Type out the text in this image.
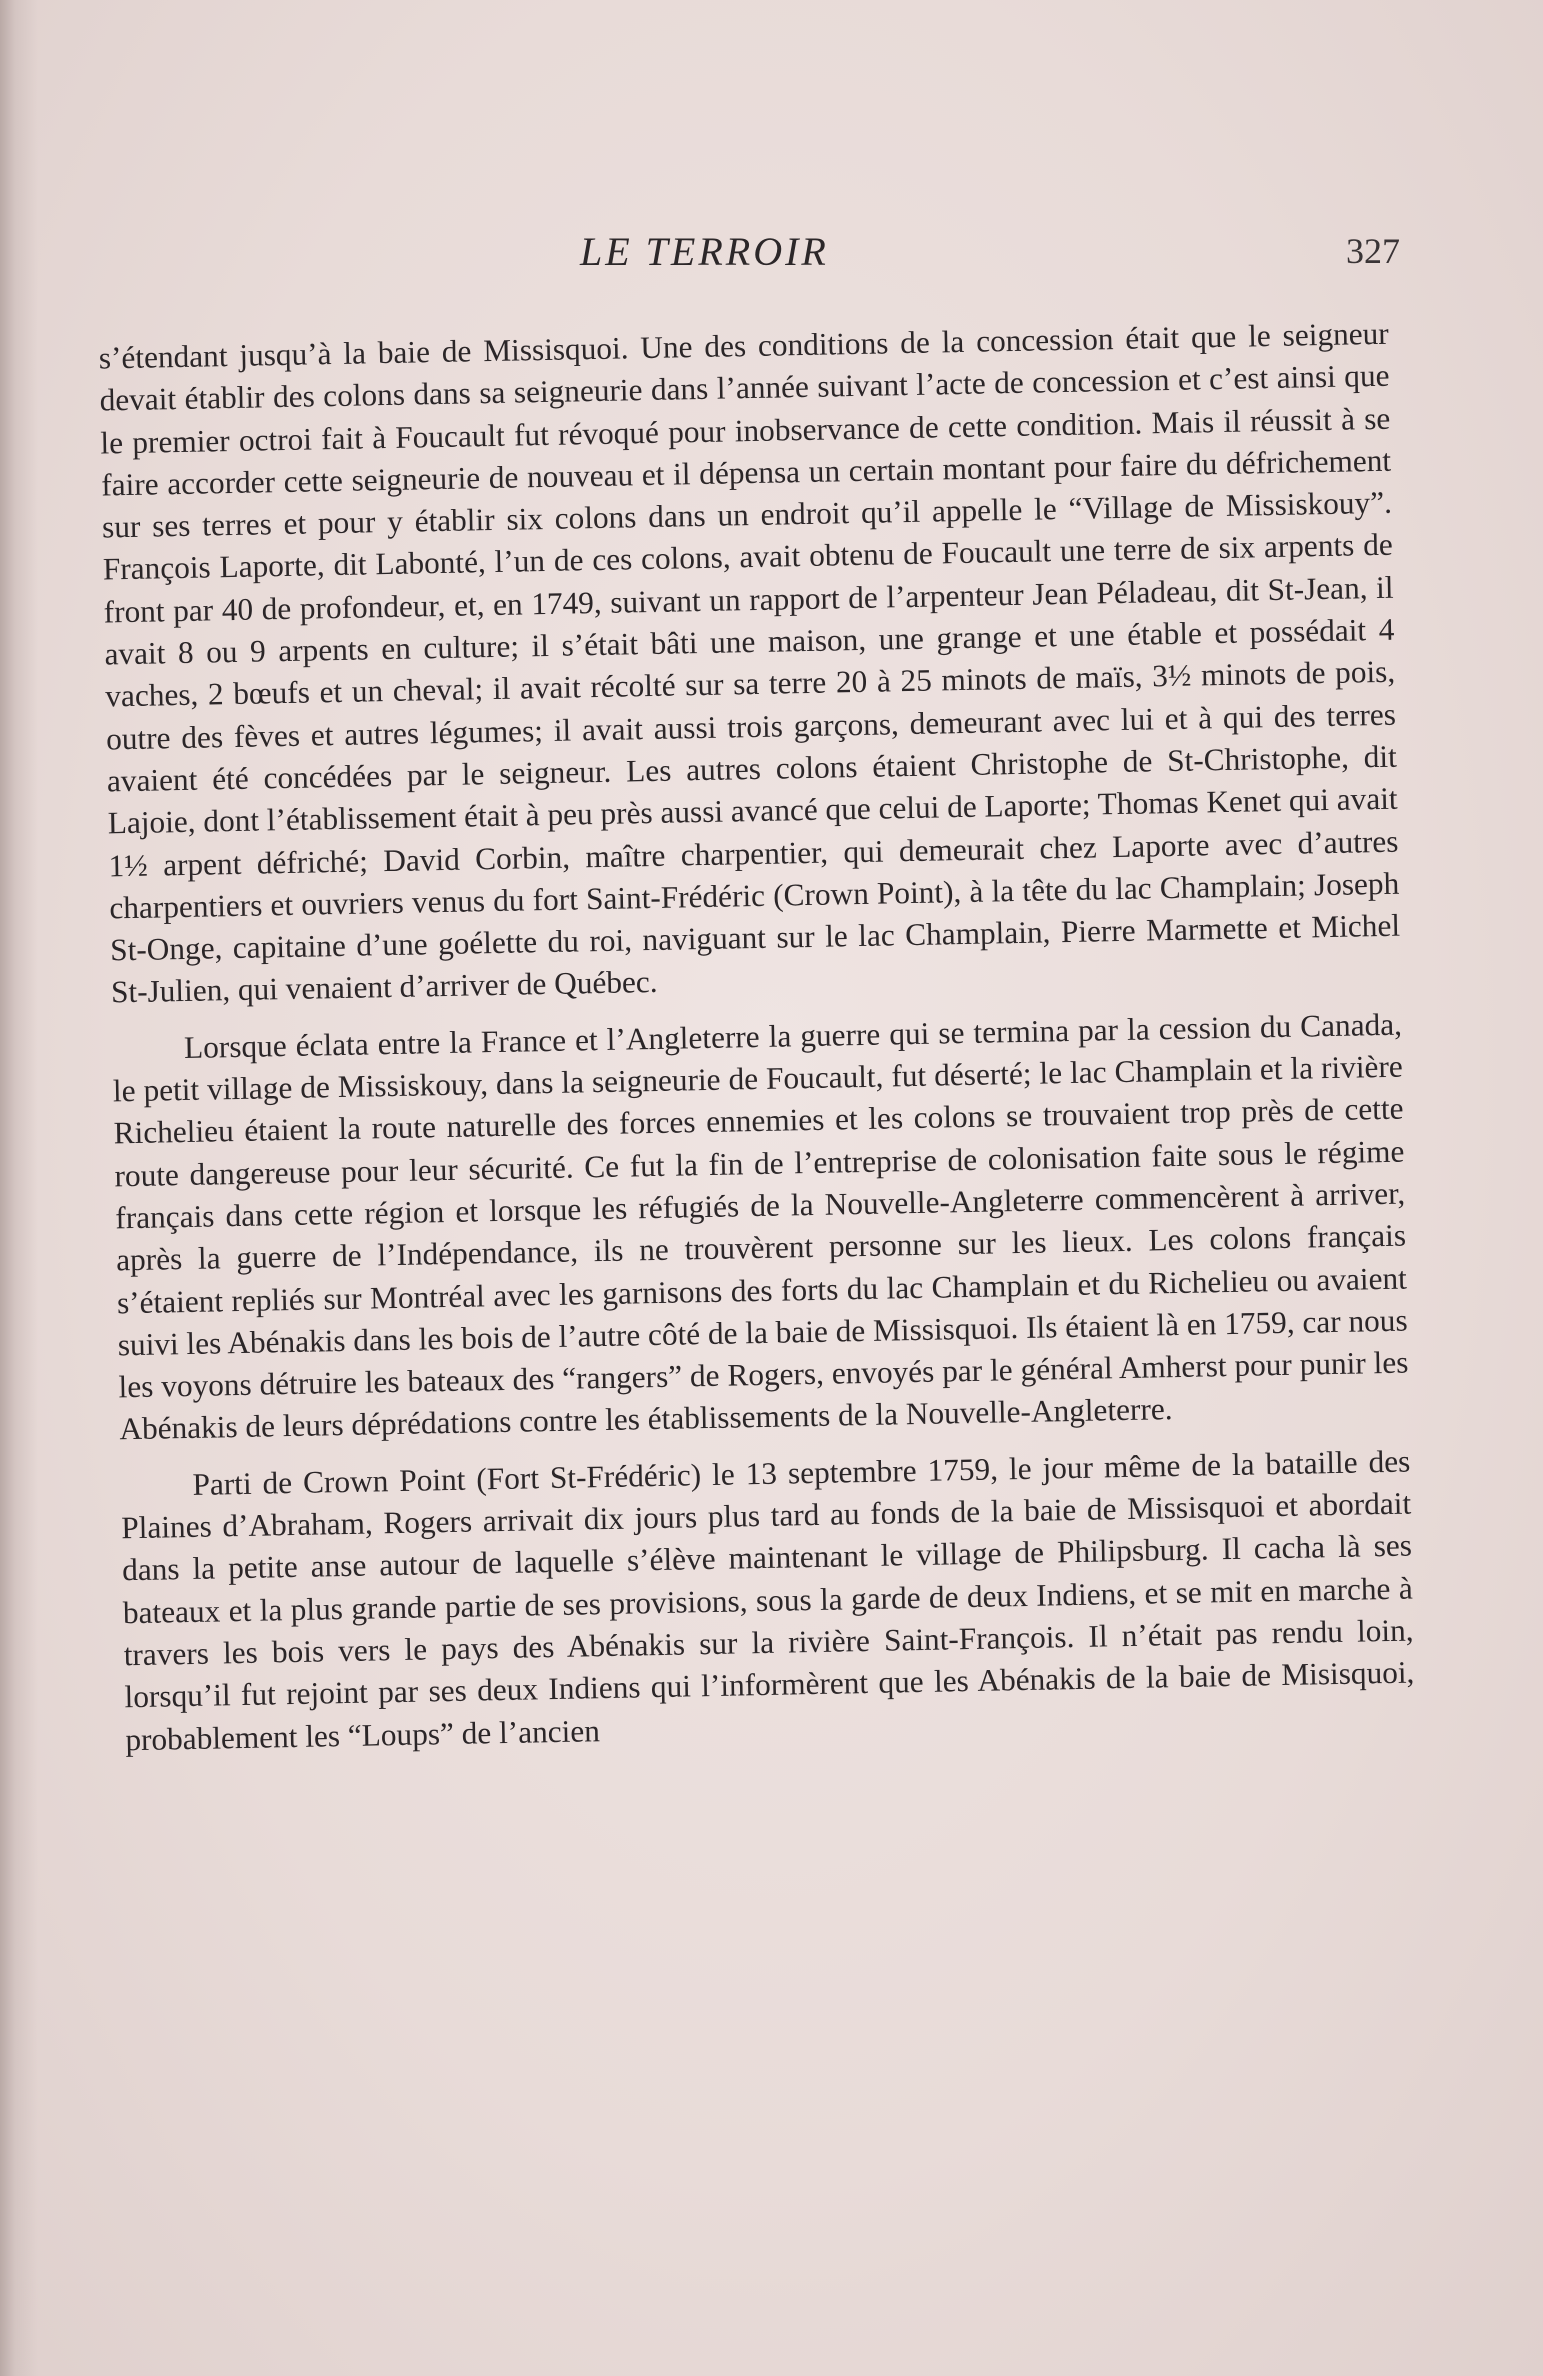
LE TERROIR	327

s’étendant jusqu’à la baie de Missisquoi. Une des conditions de la concession était que le seigneur devait établir des colons dans sa seigneurie dans l’année suivant l’acte de concession et c’est ainsi que le premier octroi fait à Foucault fut révoqué pour inobservance de cette condition. Mais il réussit à se faire accorder cette seigneurie de nouveau et il dépensa un certain montant pour faire du défrichement sur ses terres et pour y établir six colons dans un endroit qu’il appelle le “Village de Missiskouy”. François Laporte, dit Labonté, l’un de ces colons, avait obtenu de Foucault une terre de six arpents de front par 40 de profondeur, et, en 1749, suivant un rapport de l’arpenteur Jean Péladeau, dit St-Jean, il avait 8 ou 9 arpents en culture; il s’était bâti une maison, une grange et une étable et possédait 4 vaches, 2 bœufs et un cheval; il avait récolté sur sa terre 20 à 25 minots de maïs, 3½ minots de pois, outre des fèves et autres légumes; il avait aussi trois garçons, demeurant avec lui et à qui des terres avaient été concédées par le seigneur. Les autres colons étaient Christophe de St-Christophe, dit Lajoie, dont l’établissement était à peu près aussi avancé que celui de Laporte; Thomas Kenet qui avait 1½ arpent défriché; David Corbin, maître charpentier, qui demeurait chez Laporte avec d’autres charpentiers et ouvriers venus du fort Saint-Frédéric (Crown Point), à la tête du lac Champlain; Joseph St-Onge, capitaine d’une goélette du roi, naviguant sur le lac Champlain, Pierre Marmette et Michel St-Julien, qui venaient d’arriver de Québec.

Lorsque éclata entre la France et l’Angleterre la guerre qui se termina par la cession du Canada, le petit village de Missiskouy, dans la seigneurie de Foucault, fut déserté; le lac Champlain et la rivière Richelieu étaient la route naturelle des forces ennemies et les colons se trouvaient trop près de cette route dangereuse pour leur sécurité. Ce fut la fin de l’entreprise de colonisation faite sous le régime français dans cette région et lorsque les réfugiés de la Nouvelle-Angleterre commencèrent à arriver, après la guerre de l’Indépendance, ils ne trouvèrent personne sur les lieux. Les colons français s’étaient repliés sur Montréal avec les garnisons des forts du lac Champlain et du Richelieu ou avaient suivi les Abénakis dans les bois de l’autre côté de la baie de Missisquoi. Ils étaient là en 1759, car nous les voyons détruire les bateaux des “rangers” de Rogers, envoyés par le général Amherst pour punir les Abénakis de leurs déprédations contre les établissements de la Nouvelle-Angleterre.

Parti de Crown Point (Fort St-Frédéric) le 13 septembre 1759, le jour même de la bataille des Plaines d’Abraham, Rogers arrivait dix jours plus tard au fonds de la baie de Missisquoi et abordait dans la petite anse autour de laquelle s’élève maintenant le village de Philipsburg. Il cacha là ses bateaux et la plus grande partie de ses provisions, sous la garde de deux Indiens, et se mit en marche à travers les bois vers le pays des Abénakis sur la rivière Saint-François. Il n’était pas rendu loin, lorsqu’il fut rejoint par ses deux Indiens qui l’informèrent que les Abénakis de la baie de Misisquoi, probablement les “Loups” de l’ancien
